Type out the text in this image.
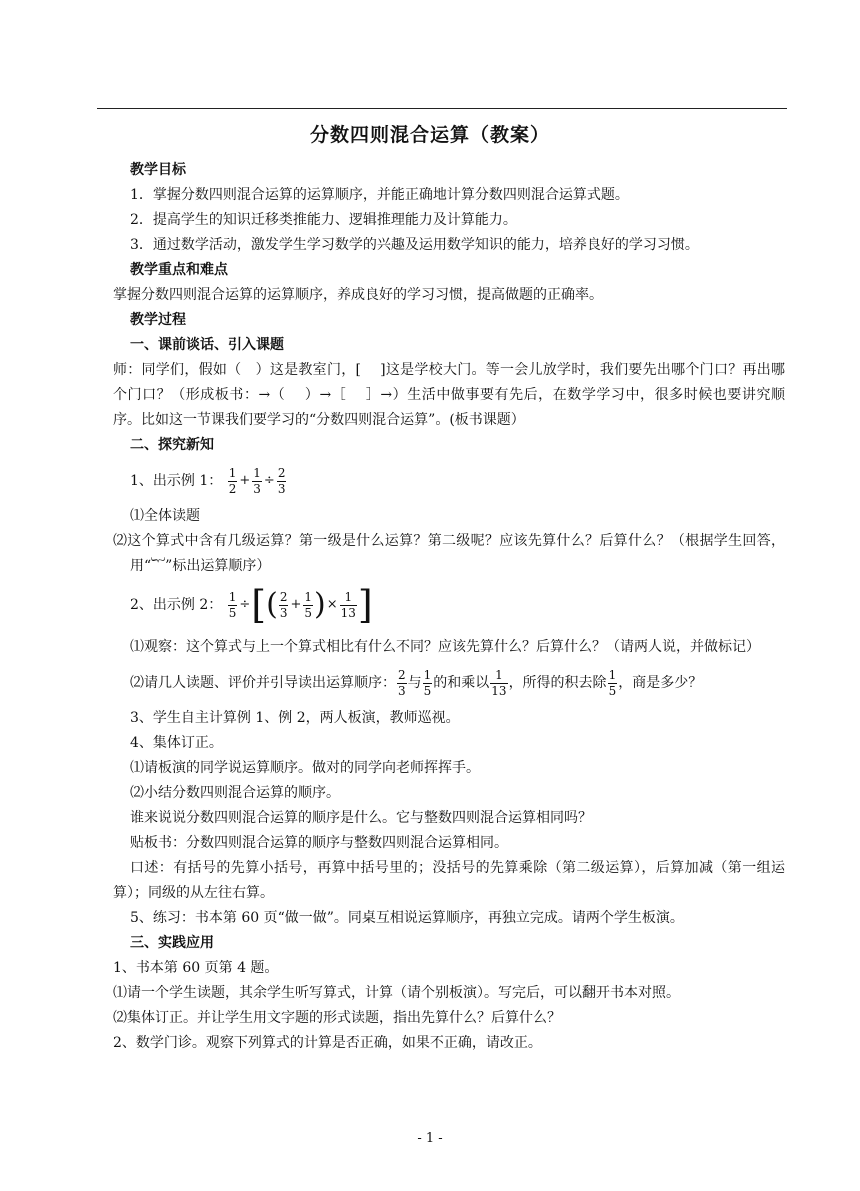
分数四则混合运算（教案）
教学目标
1．掌握分数四则混合运算的运算顺序，并能正确地计算分数四则混合运算式题。
2．提高学生的知识迁移类推能力、逻辑推理能力及计算能力。
3．通过数学活动，激发学生学习数学的兴趣及运用数学知识的能力，培养良好的学习习惯。
教学重点和难点
掌握分数四则混合运算的运算顺序，养成良好的学习习惯，提高做题的正确率。
教学过程
一、课前谈话、引入课题
师：同学们，假如（　）这是教室门，[　 ]这是学校大门。等一会儿放学时，我们要先出哪个门口？再出哪个门口？（形成板书：→（　 ）→［　 ］→）生活中做事要有先后，在数学学习中，很多时候也要讲究顺序。比如这一节课我们要学习的“分数四则混合运算”。(板书课题）
二、探究新知
1、出示例 1： $\frac{1}{2} + \frac{1}{3} \div \frac{2}{3}$
⑴全体读题
⑵这个算式中含有几级运算？第一级是什么运算？第二级呢？应该先算什么？后算什么？（根据学生回答，用“︸”标出运算顺序）
2、出示例 2： $\frac{1}{5}$ ÷[( $\frac{2}{3} + \frac{1}{5}$ )× $\frac{1}{13}$ ]
⑴观察：这个算式与上一个算式相比有什么不同？应该先算什么？后算什么？（请两人说，并做标记）
⑵请几人读题、评价并引导读出运算顺序： $\frac{2}{3}$ 与 $\frac{1}{5}$ 的和乘以 $\frac{1}{13}$ ，所得的积去除 $\frac{1}{5}$ ，商是多少？
3、学生自主计算例 1、例 2，两人板演，教师巡视。
4、集体订正。
⑴请板演的同学说运算顺序。做对的同学向老师挥挥手。
⑵小结分数四则混合运算的顺序。
谁来说说分数四则混合运算的顺序是什么。它与整数四则混合运算相同吗？
贴板书：分数四则混合运算的顺序与整数四则混合运算相同。
口述：有括号的先算小括号，再算中括号里的；没括号的先算乘除（第二级运算），后算加减（第一组运算）；同级的从左往右算。
5、练习：书本第 60 页“做一做”。同桌互相说运算顺序，再独立完成。请两个学生板演。
三、实践应用
1、书本第 60 页第 4 题。
⑴请一个学生读题，其余学生听写算式，计算（请个别板演）。写完后，可以翻开书本对照。
⑵集体订正。并让学生用文字题的形式读题，指出先算什么？后算什么？
2、数学门诊。观察下列算式的计算是否正确，如果不正确，请改正。
- 1 -
